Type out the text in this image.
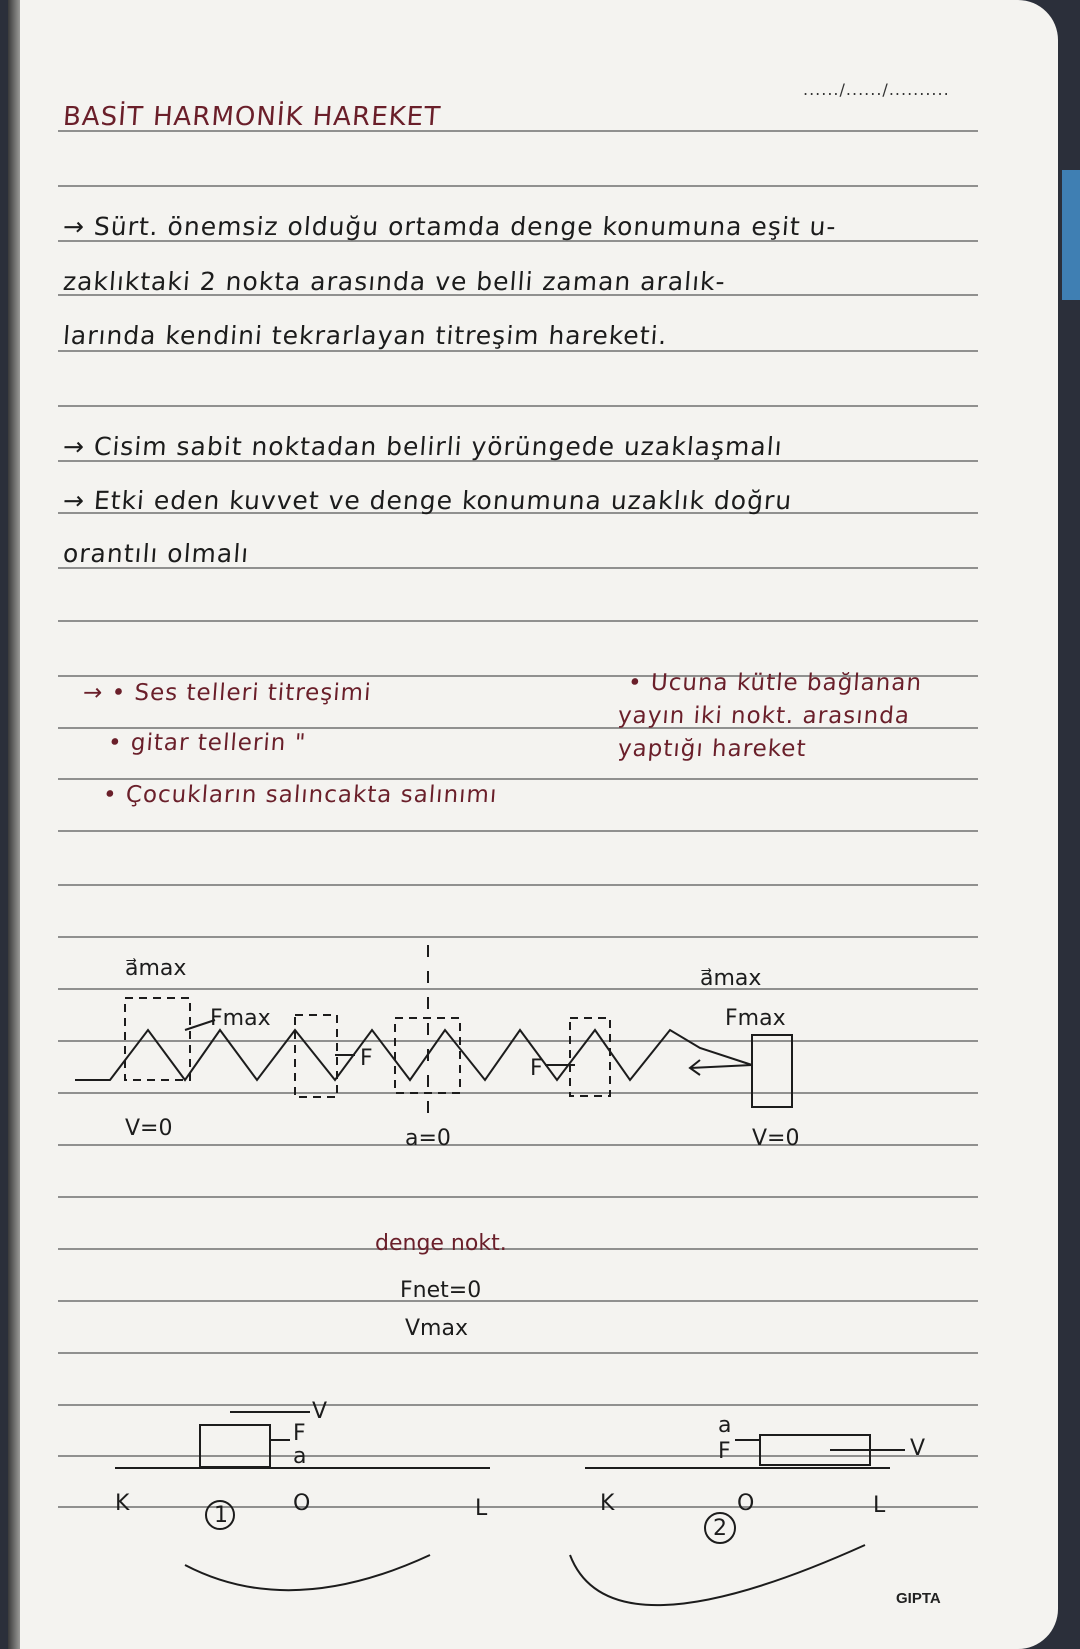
....../....../..........
BASİT HARMONİK HAREKET
→ Sürt. önemsiz olduğu ortamda denge konumuna eşit u-
zaklıktaki 2 nokta arasında ve belli zaman aralık-
larında kendini tekrarlayan titreşim hareketi.
→ Cisim sabit noktadan belirli yörüngede uzaklaşmalı
→ Etki eden kuvvet ve denge konumuna uzaklık doğru
orantılı olmalı
→ • Ses telleri titreşimi
• gitar tellerin "
• Çocukların salıncakta salınımı
• Ucuna kütle bağlanan
yayın iki nokt. arasında
yaptığı hareket
GIPTA
a⃗max
Fmax
V=0
F	F
a=0
a⃗max
Fmax
V=0
denge nokt.
Fnet=0
Vmax
V
F
a
K	O	L
1
V
F
a
K	O	L
2
